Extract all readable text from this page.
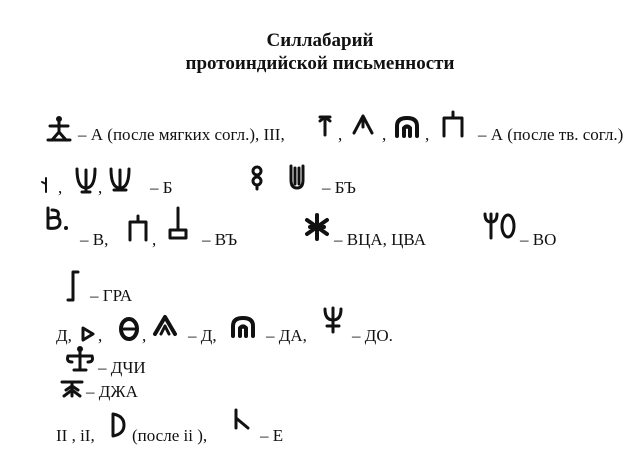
Силлабарий
протоиндийской письменности
– А (после мягких согл.), III,	, , ,	– А (после тв. согл.)
, ,	– Б	– БЪ
– В,	,	– ВЪ	– ВЦА, ЦВА	– ВО
– ГРА
Д, , , – Д,	– ДА,	– ДО.
– ДЧИ
– ДЖА
II , iI, (после ii ),	– Е
